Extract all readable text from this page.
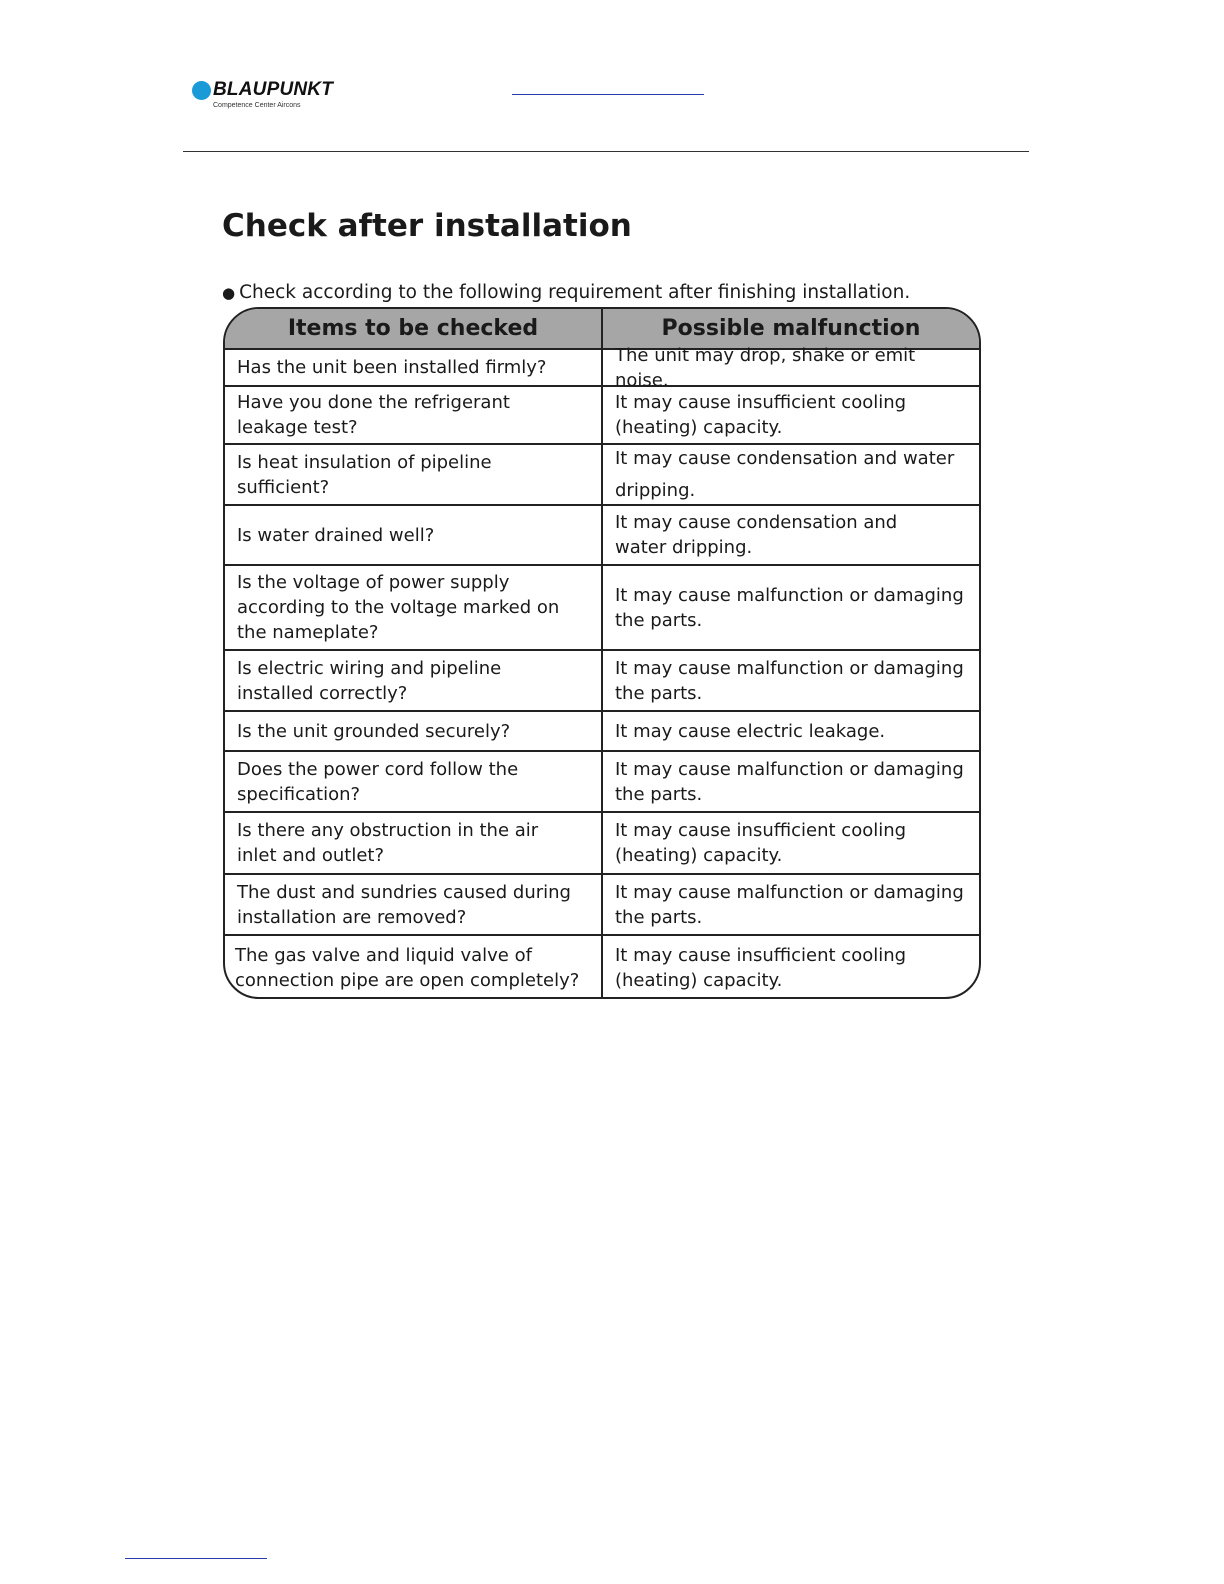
BLAUPUNKT
Competence Center Aircons
Check after installation
● Check according to the following requirement after finishing installation.
Items to be checked	Possible malfunction
Has the unit been installed firmly?
The unit may drop, shake or emit noise.
Have you done the refrigerant
leakage test?
It may cause insufficient cooling
(heating) capacity.
Is heat insulation of pipeline sufficient?
It may cause condensation and water
dripping.
Is water drained well?
It may cause condensation and
water dripping.
Is the voltage of power supply
according to the voltage marked on
the nameplate?
It may cause malfunction or damaging
the parts.
Is electric wiring and pipeline
installed correctly?
It may cause malfunction or damaging
the parts.
Is the unit grounded securely?	It may cause electric leakage.
Does the power cord follow the
specification?
It may cause malfunction or damaging
the parts.
Is there any obstruction in the air
inlet and outlet?
It may cause insufficient cooling
(heating) capacity.
The dust and sundries caused during
installation are removed?
It may cause malfunction or damaging
the parts.
The gas valve and liquid valve of
connection pipe are open completely?
It may cause insufficient cooling
(heating) capacity.
